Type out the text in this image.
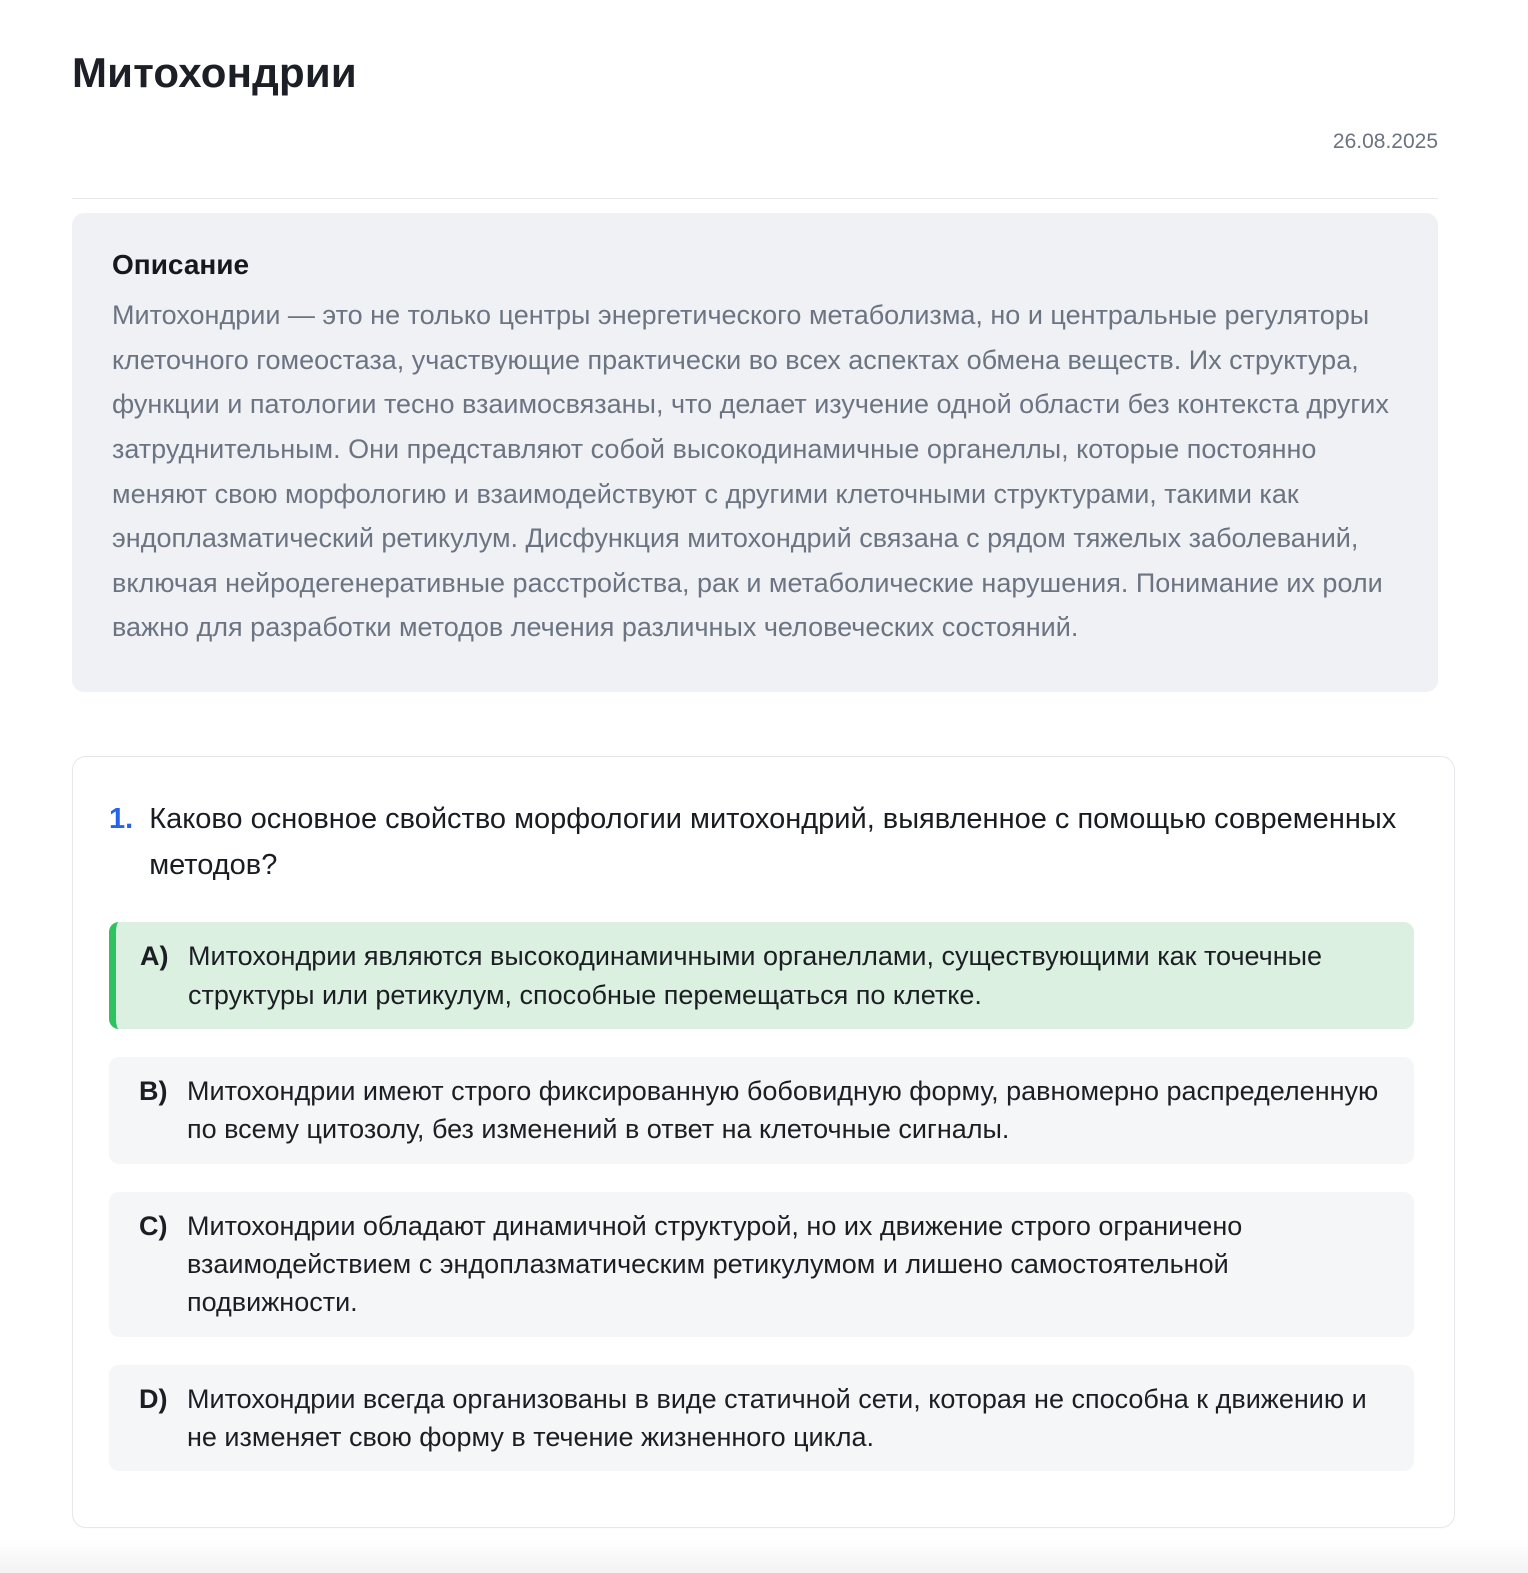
Митохондрии
26.08.2025
Описание

Митохондрии — это не только центры энергетического метаболизма, но и центральные регуляторы клеточного гомеостаза, участвующие практически во всех аспектах обмена веществ. Их структура, функции и патологии тесно взаимосвязаны, что делает изучение одной области без контекста других затруднительным. Они представляют собой высокодинамичные органеллы, которые постоянно меняют свою морфологию и взаимодействуют с другими клеточными структурами, такими как эндоплазматический ретикулум. Дисфункция митохондрий связана с рядом тяжелых заболеваний, включая нейродегенеративные расстройства, рак и метаболические нарушения. Понимание их роли важно для разработки методов лечения различных человеческих состояний.

1. Каково основное свойство морфологии митохондрий, выявленное с помощью современных методов?
A) Митохондрии являются высокодинамичными органеллами, существующими как точечные структуры или ретикулум, способные перемещаться по клетке.
B) Митохондрии имеют строго фиксированную бобовидную форму, равномерно распределенную по всему цитозолу, без изменений в ответ на клеточные сигналы.
C) Митохондрии обладают динамичной структурой, но их движение строго ограничено взаимодействием с эндоплазматическим ретикулумом и лишено самостоятельной подвижности.
D) Митохондрии всегда организованы в виде статичной сети, которая не способна к движению и не изменяет свою форму в течение жизненного цикла.
